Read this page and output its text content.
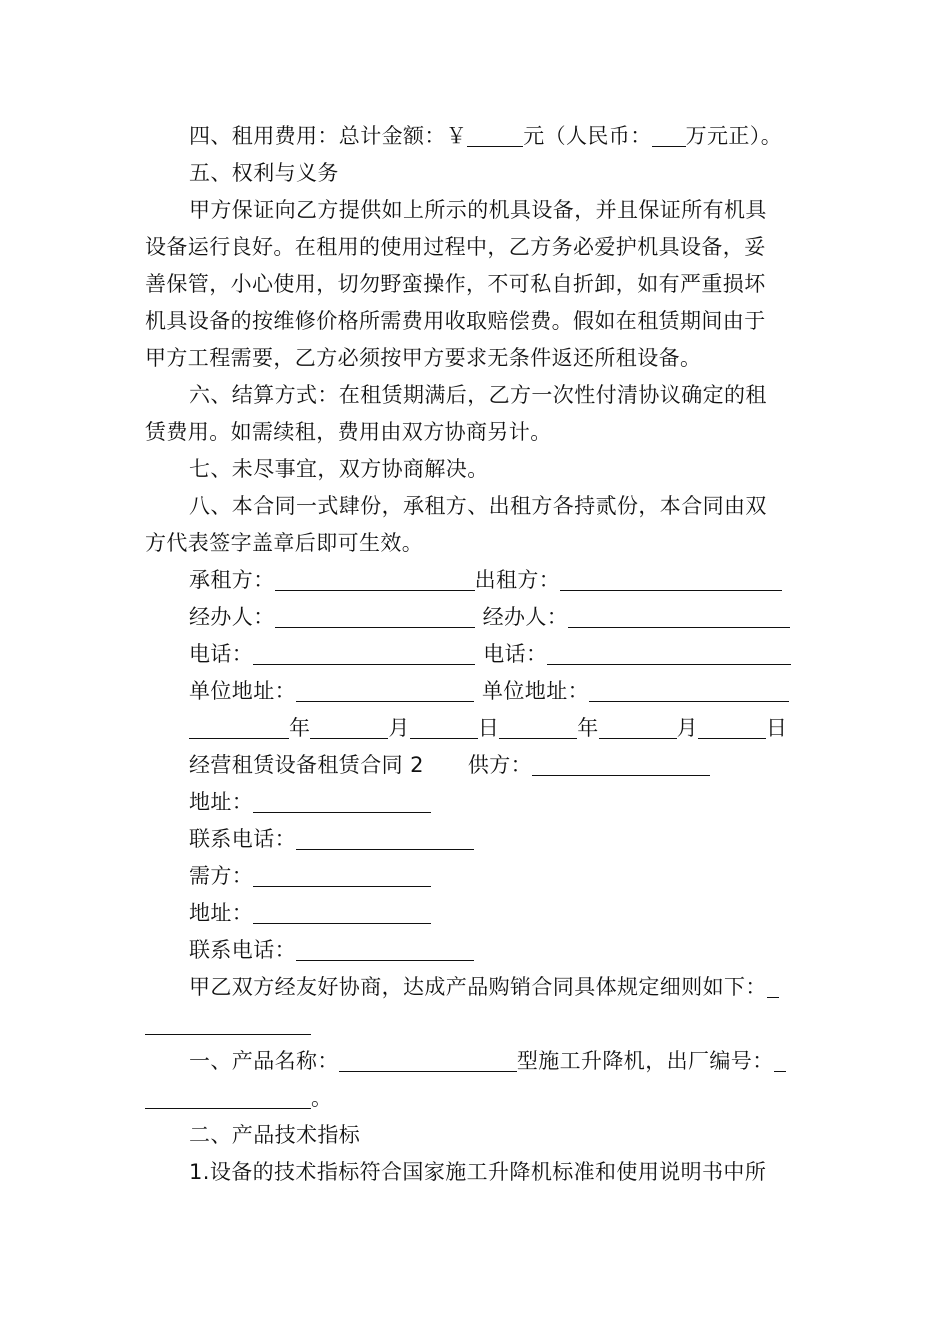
四、租用费用：总计金额：￥	元（人民币： 万元正）。
五、权利与义务
甲方保证向乙方提供如上所示的机具设备，并且保证所有机具
设备运行良好。在租用的使用过程中，乙方务必爱护机具设备，妥
善保管，小心使用，切勿野蛮操作，不可私自折卸，如有严重损坏
机具设备的按维修价格所需费用收取赔偿费。假如在租赁期间由于
甲方工程需要，乙方必须按甲方要求无条件返还所租设备。
六、结算方式：在租赁期满后，乙方一次性付清协议确定的租
赁费用。如需续租，费用由双方协商另计。
七、未尽事宜，双方协商解决。
八、本合同一式肆份，承租方、出租方各持贰份，本合同由双
方代表签字盖章后即可生效。
承租方：	出租方：
经办人：	经办人：
电话：	电话：
单位地址：	单位地址：
年	月	日	年	月	日
经营租赁设备租赁合同 2 供方：
地址：
联系电话：
需方：
地址：
联系电话：
甲乙双方经友好协商，达成产品购销合同具体规定细则如下：
一、产品名称：	型施工升降机，出厂编号：
。
二、产品技术指标
1.设备的技术指标符合国家施工升降机标准和使用说明书中所
